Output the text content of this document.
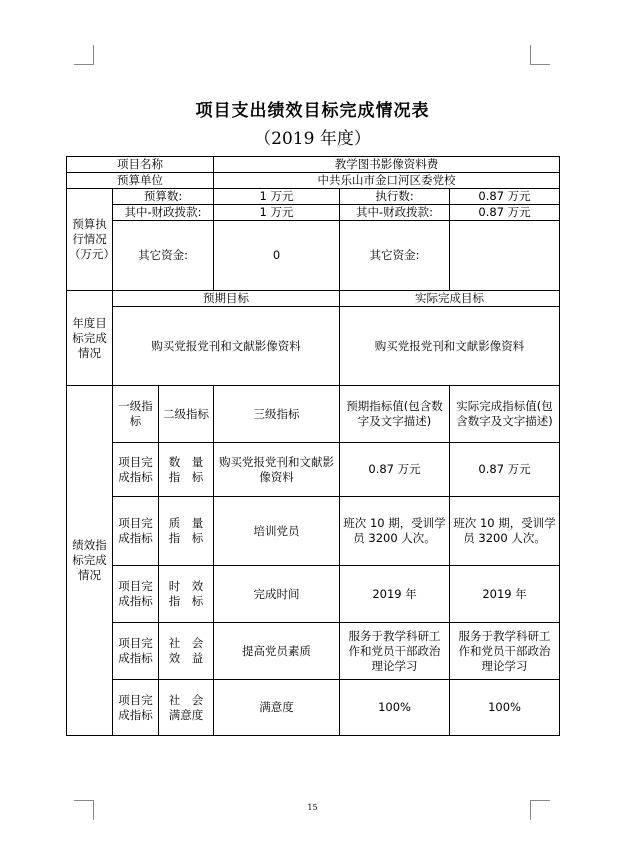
项目支出绩效目标完成情况表
（2019 年度）
项目名称			教学图书影像资料费		
预算单位			中共乐山市金口河区委党校		
预算执行情况（万元）	预算数:		1 万元	执行数:	0.87 万元
	其中-财政拨款:		1 万元	其中-财政拨款:	0.87 万元
	其它资金:		0	其它资金:	
年度目标完成情况	预期目标			实际完成目标	
	购买党报党刊和文献影像资料			购买党报党刊和文献影像资料	
绩效指标完成情况	一级指标	二级指标	三级指标	预期指标值(包含数字及文字描述)	实际完成指标值(包含数字及文字描述)
	项目完成指标	数　量　指　标	购买党报党刊和文献影像资料	0.87 万元	0.87 万元
	项目完成指标	质　量　指　标	培训党员	班次 10 期，受训学员 3200 人次。	班次 10 期，受训学员 3200 人次。
	项目完成指标	时　效　指　标	完成时间	2019 年	2019 年
	项目完成指标	社　会　效　益	提高党员素质	服务于教学科研工作和党员干部政治理论学习	服务于教学科研工作和党员干部政治理论学习
	项目完成指标	社　会　满意度	满意度	100%	100%
15
